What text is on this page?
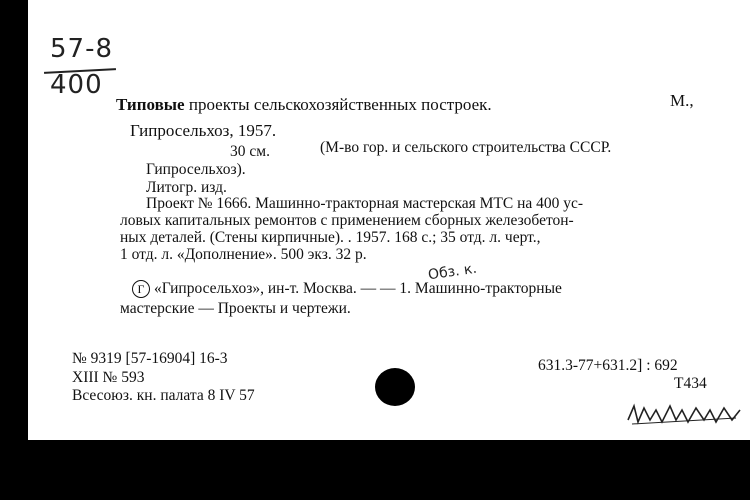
57-8
400
Типовые проекты сельскохозяйственных построек.	М.,
Гипросельхоз, 1957.
30 см.	(М-во гор. и сельского строительства СССР.
Гипросельхоз).
Литогр. изд.
Проект № 1666. Машинно-тракторная мастерская МТС на 400 ус-
ловых капитальных ремонтов с применением сборных железобетон-
ных деталей. (Стены кирпичные). . 1957. 168 с.; 35 отд. л. черт.,
1 отд. л. «Дополнение». 500 экз. 32 р.
Обз. к.
Г «Гипросельхоз», ин-т. Москва. — — 1. Машинно-тракторные
мастерские — Проекты и чертежи.
№ 9319 [57-16904] 16-3
XIII № 593
Всесоюз. кн. палата 8 IV 57
631.3-77+631.2] : 692
Т434
